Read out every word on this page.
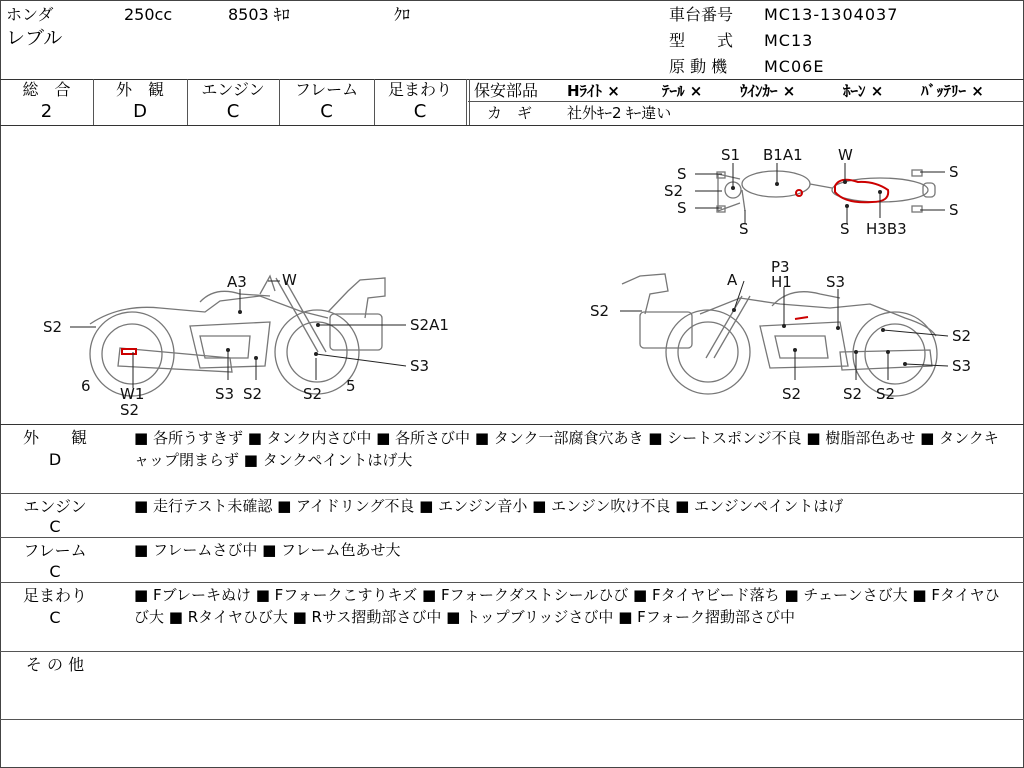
ホンダ
レブル
250cc	8503 ｷﾛ	ｸﾛ	車台番号 MC13-1304037
型　　式 MC13
原 動 機 MC06E
総　合
2
外　観
D
エンジン
C
フレーム
C
足まわり
C
保安部品 Hﾗｲﾄ ×	ﾃｰﾙ ×	ｳｲﾝｶｰ ×	ﾎｰﾝ ×	ﾊﾞｯﾃﾘｰ ×
カ　ギ 社外ｷｰ2 ｷｰ違い
S1 B1A1 W
S
S2
S
S
S
S
S H3B3
A3 W
S2	S2A1
S3
6 W1
S2
S3 S2	S2 5
A
P3
H1 S3
S2
S2
S3
S2	S2 S2
外　　観
D
■ 各所うすきず ■ タンク内さび中 ■ 各所さび中 ■ タンク一部腐食穴あき ■ シートスポンジ不良 ■ 樹脂部色あせ ■ タンクキャップ閉まらず ■ タンクペイントはげ大
エンジン
C
■ 走行テスト未確認 ■ アイドリング不良 ■ エンジン音小 ■ エンジン吹け不良 ■ エンジンペイントはげ
フレーム
C
■ フレームさび中 ■ フレーム色あせ大
足まわり
C
■ Fブレーキぬけ ■ Fフォークこすりキズ ■ Fフォークダストシールひび ■ Fタイヤビード落ち ■ チェーンさび大 ■ Fタイヤひび大 ■ Rタイヤひび大 ■ Rサス摺動部さび中 ■ トップブリッジさび中 ■ Fフォーク摺動部さび中
そ の 他
